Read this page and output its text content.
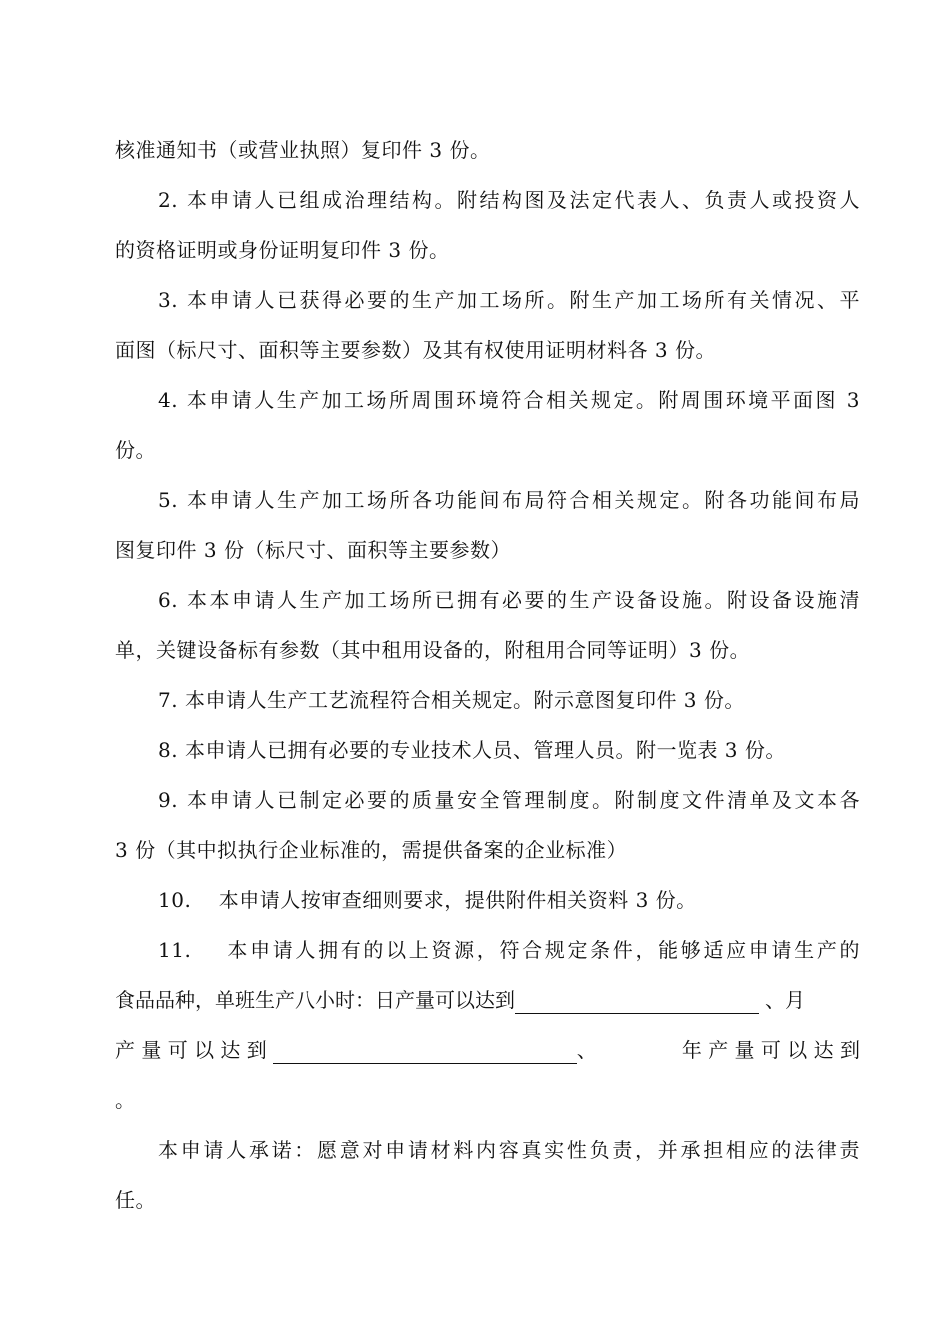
核准通知书（或营业执照）复印件 3 份。
2. 本申请人已组成治理结构。附结构图及法定代表人、负责人或投资人
的资格证明或身份证明复印件 3 份。
3. 本申请人已获得必要的生产加工场所。附生产加工场所有关情况、平
面图（标尺寸、面积等主要参数）及其有权使用证明材料各 3 份。
4. 本申请人生产加工场所周围环境符合相关规定。附周围环境平面图 3
份。
5. 本申请人生产加工场所各功能间布局符合相关规定。附各功能间布局
图复印件 3 份（标尺寸、面积等主要参数）
6. 本本申请人生产加工场所已拥有必要的生产设备设施。附设备设施清
单，关键设备标有参数（其中租用设备的，附租用合同等证明）3 份。
7. 本申请人生产工艺流程符合相关规定。附示意图复印件 3 份。
8. 本申请人已拥有必要的专业技术人员、管理人员。附一览表 3 份。
9. 本申请人已制定必要的质量安全管理制度。附制度文件清单及文本各
3 份（其中拟执行企业标准的，需提供备案的企业标准）
10.    本申请人按审查细则要求，提供附件相关资料 3 份。
11.    本申请人拥有的以上资源，符合规定条件，能够适应申请生产的
食品品种，单班生产八小时：日产量可以达到	、月
产 量 可 以 达 到	、	年 产 量 可 以 达 到
。
本申请人承诺：愿意对申请材料内容真实性负责，并承担相应的法律责
任。
